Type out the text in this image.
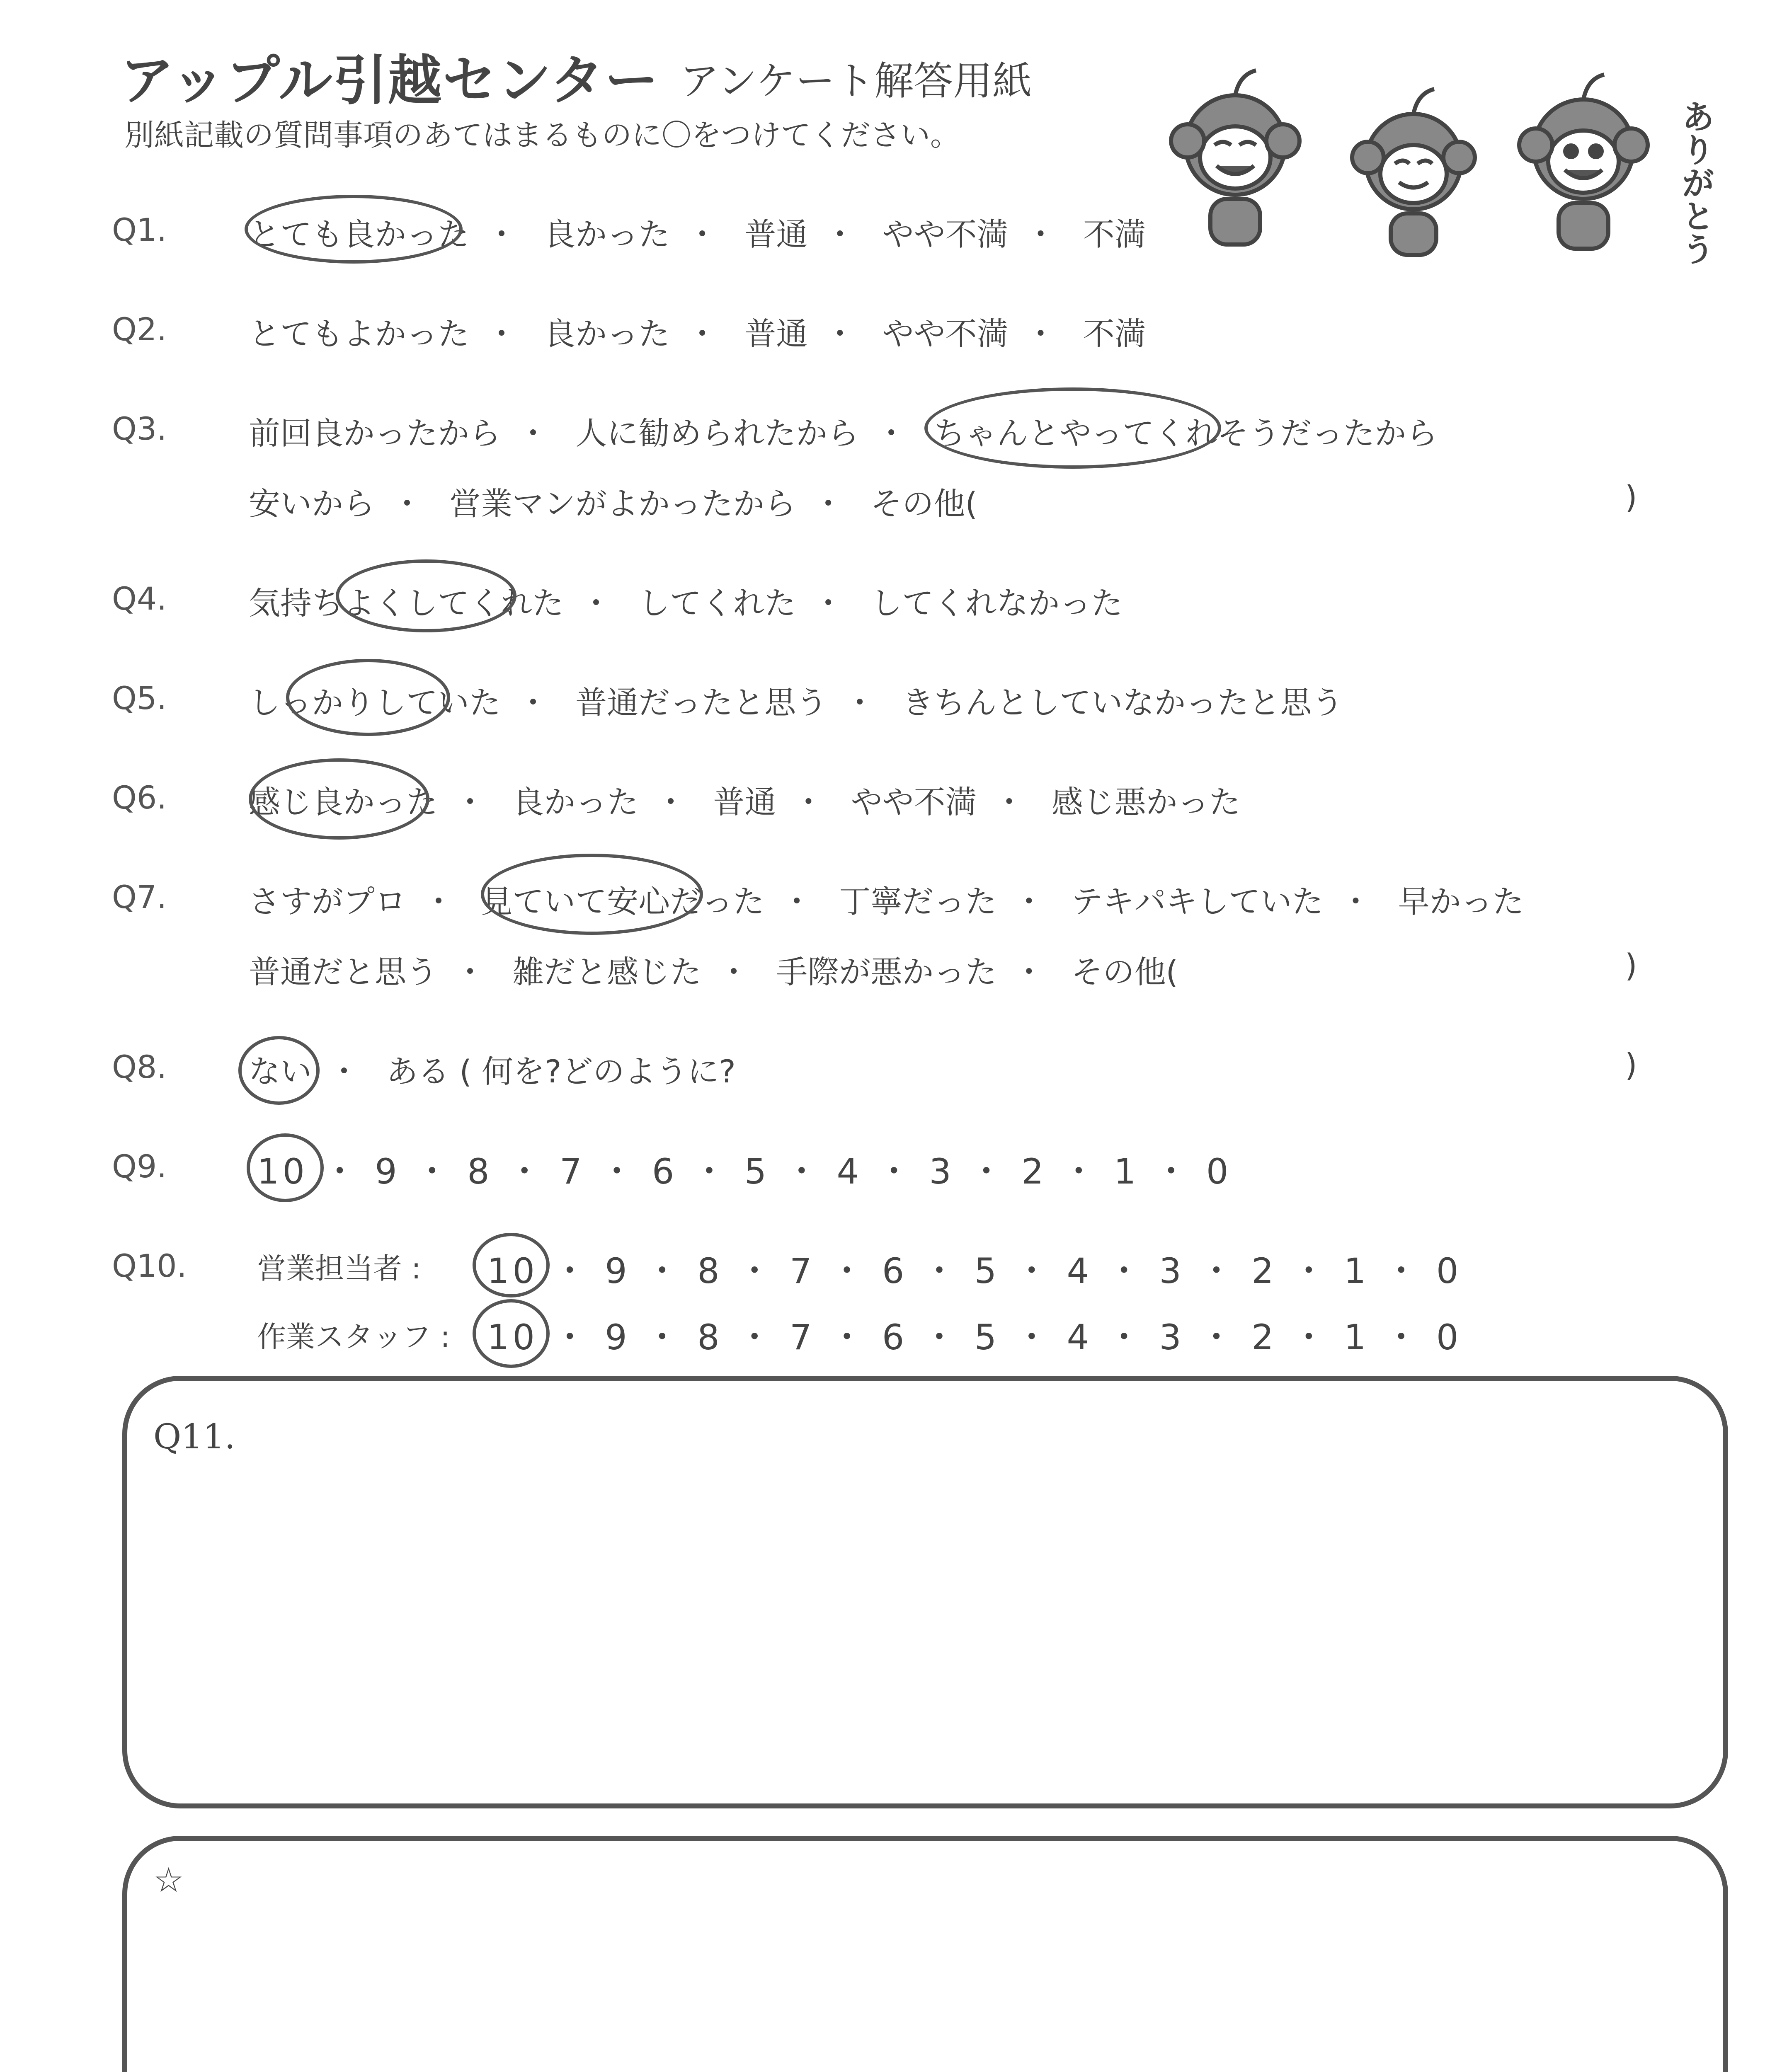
アップル引越センター アンケート解答用紙
別紙記載の質問事項のあてはまるものに〇をつけてください。	ありがとう
Q1.	とても良かった ・ 良かった ・ 普通 ・ やや不満 ・ 不満
Q2.	とてもよかった ・ 良かった ・ 普通 ・ やや不満 ・ 不満
Q3.	前回良かったから ・ 人に勧められたから ・ ちゃんとやってくれそうだったから
安いから ・ 営業マンがよかったから ・ その他(	)
Q4.	気持ちよくしてくれた ・ してくれた ・ してくれなかった
Q5.	しっかりしていた ・ 普通だったと思う ・ きちんとしていなかったと思う
Q6.	感じ良かった ・ 良かった ・ 普通 ・ やや不満 ・ 感じ悪かった
Q7.	さすがプロ ・ 見ていて安心だった ・ 丁寧だった ・ テキパキしていた ・ 早かった
普通だと思う ・ 雑だと感じた ・ 手際が悪かった ・ その他(	)
Q8.	ない ・ ある ( 何を?どのように?	)
Q9.	10 ・ 9 ・ 8 ・ 7 ・ 6 ・ 5 ・ 4 ・ 3 ・ 2 ・ 1 ・ 0
Q10. 営業担当者 : 10 ・ 9 ・ 8 ・ 7 ・ 6 ・ 5 ・ 4 ・ 3 ・ 2 ・ 1 ・ 0
作業スタッフ : 10 ・ 9 ・ 8 ・ 7 ・ 6 ・ 5 ・ 4 ・ 3 ・ 2 ・ 1 ・ 0
Q11.
☆
